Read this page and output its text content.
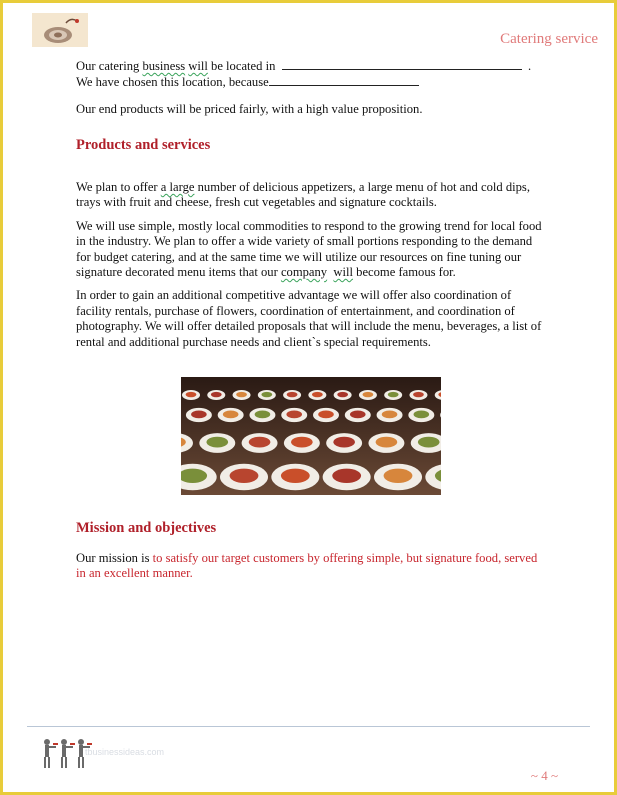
Catering service

Our catering business will be located in	.

We have chosen this location, because

Our end products will be priced fairly, with a high value proposition.

Products and services

We plan to offer a large number of delicious appetizers, a large menu of hot and cold dips, trays with fruit and cheese, fresh cut vegetables and signature cocktails.

We will use simple, mostly local commodities to respond to the growing trend for local food in the industry. We plan to offer a wide variety of small portions responding to the demand for budget catering, and at the same time we will utilize our resources on fine tuning our signature decorated menu items that our company will become famous for.

In order to gain an additional competitive advantage we will offer also coordination of facility rentals, purchase of flowers, coordination of entertainment, and coordination of photography. We will offer detailed proposals that will include the menu, beverages, a list of rental and additional purchase needs and client`s special requirements.

Mission and objectives

Our mission is to satisfy our target customers by offering simple, but signature food, served in an excellent manner.

tbusinessideas.com
~ 4 ~
